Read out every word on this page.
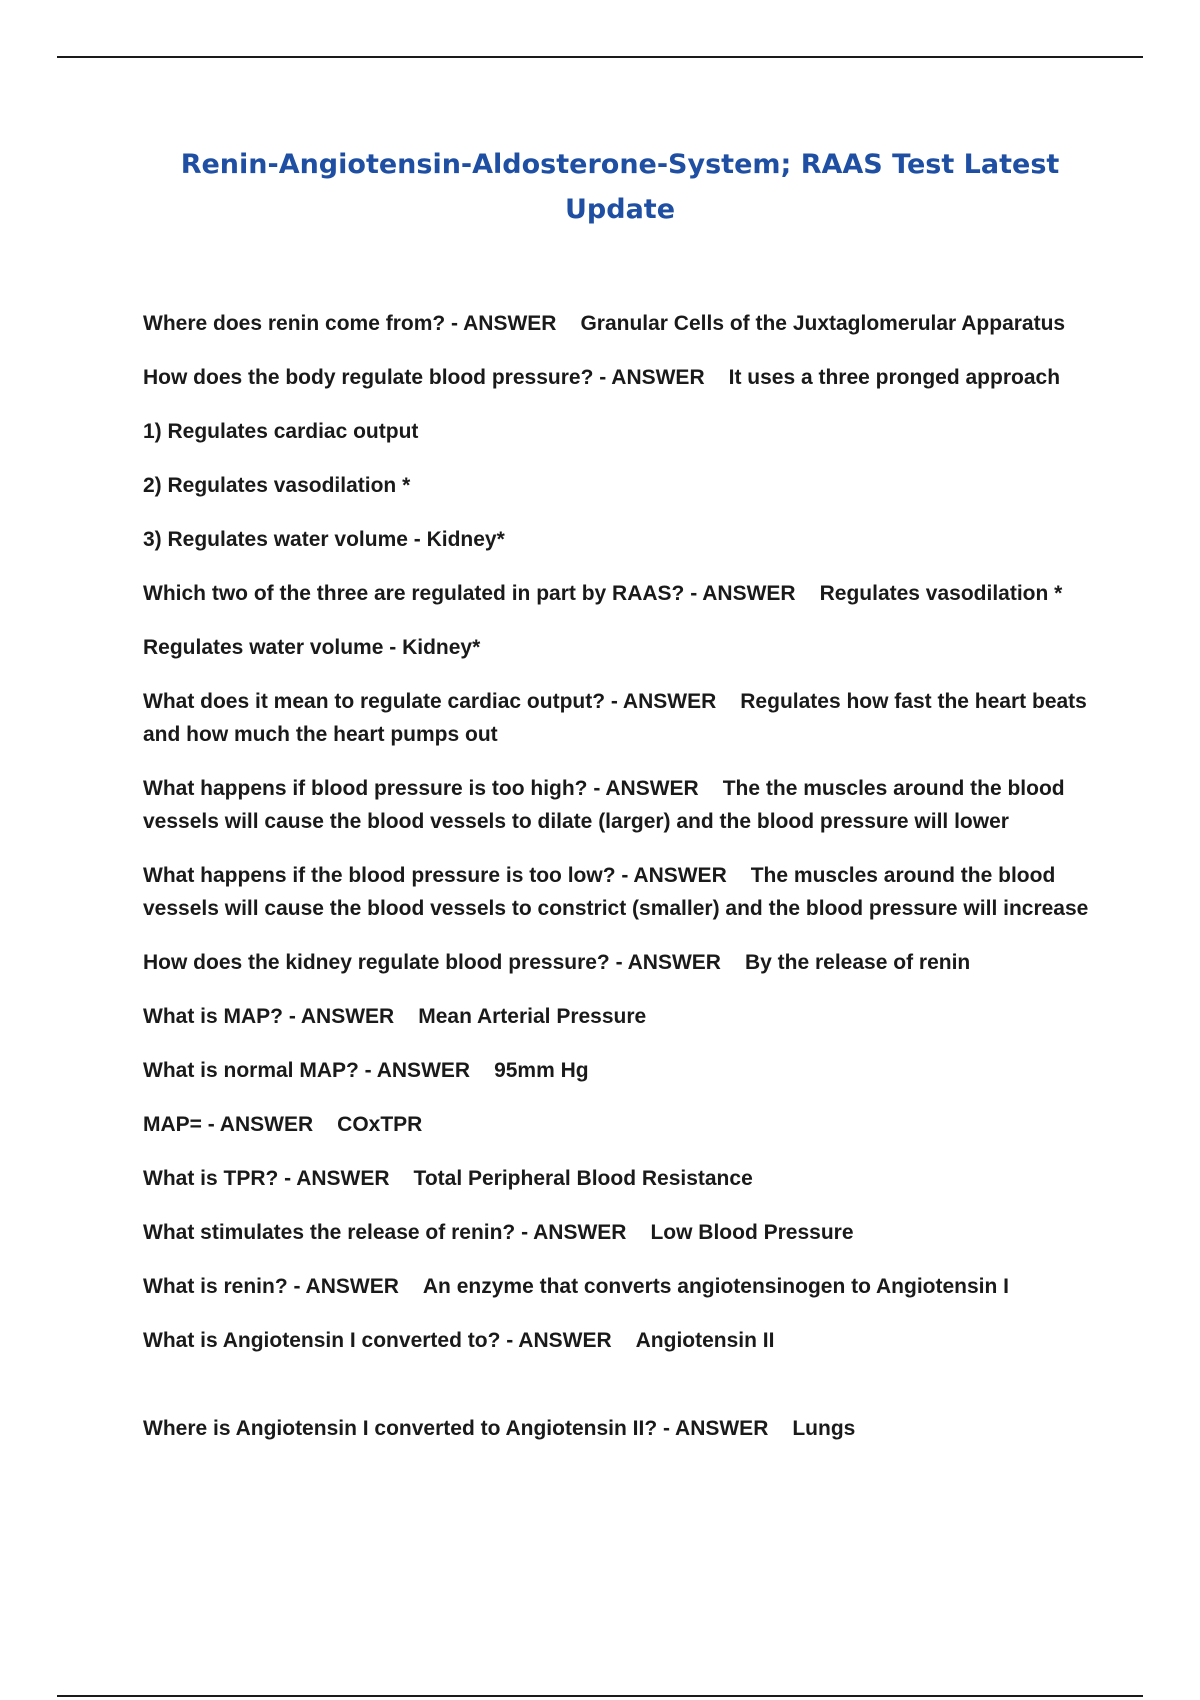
Renin-Angiotensin-Aldosterone-System; RAAS Test Latest Update

Where does renin come from? - ANSWER Granular Cells of the Juxtaglomerular Apparatus

How does the body regulate blood pressure? - ANSWER It uses a three pronged approach

1) Regulates cardiac output

2) Regulates vasodilation *

3) Regulates water volume - Kidney*

Which two of the three are regulated in part by RAAS? - ANSWER Regulates vasodilation *

Regulates water volume - Kidney*

What does it mean to regulate cardiac output? - ANSWER Regulates how fast the heart beats and how much the heart pumps out

What happens if blood pressure is too high? - ANSWER The the muscles around the blood vessels will cause the blood vessels to dilate (larger) and the blood pressure will lower

What happens if the blood pressure is too low? - ANSWER The muscles around the blood vessels will cause the blood vessels to constrict (smaller) and the blood pressure will increase

How does the kidney regulate blood pressure? - ANSWER By the release of renin

What is MAP? - ANSWER Mean Arterial Pressure

What is normal MAP? - ANSWER 95mm Hg

MAP= - ANSWER COxTPR

What is TPR? - ANSWER Total Peripheral Blood Resistance

What stimulates the release of renin? - ANSWER Low Blood Pressure

What is renin? - ANSWER An enzyme that converts angiotensinogen to Angiotensin I

What is Angiotensin I converted to? - ANSWER Angiotensin II

Where is Angiotensin I converted to Angiotensin II? - ANSWER Lungs
